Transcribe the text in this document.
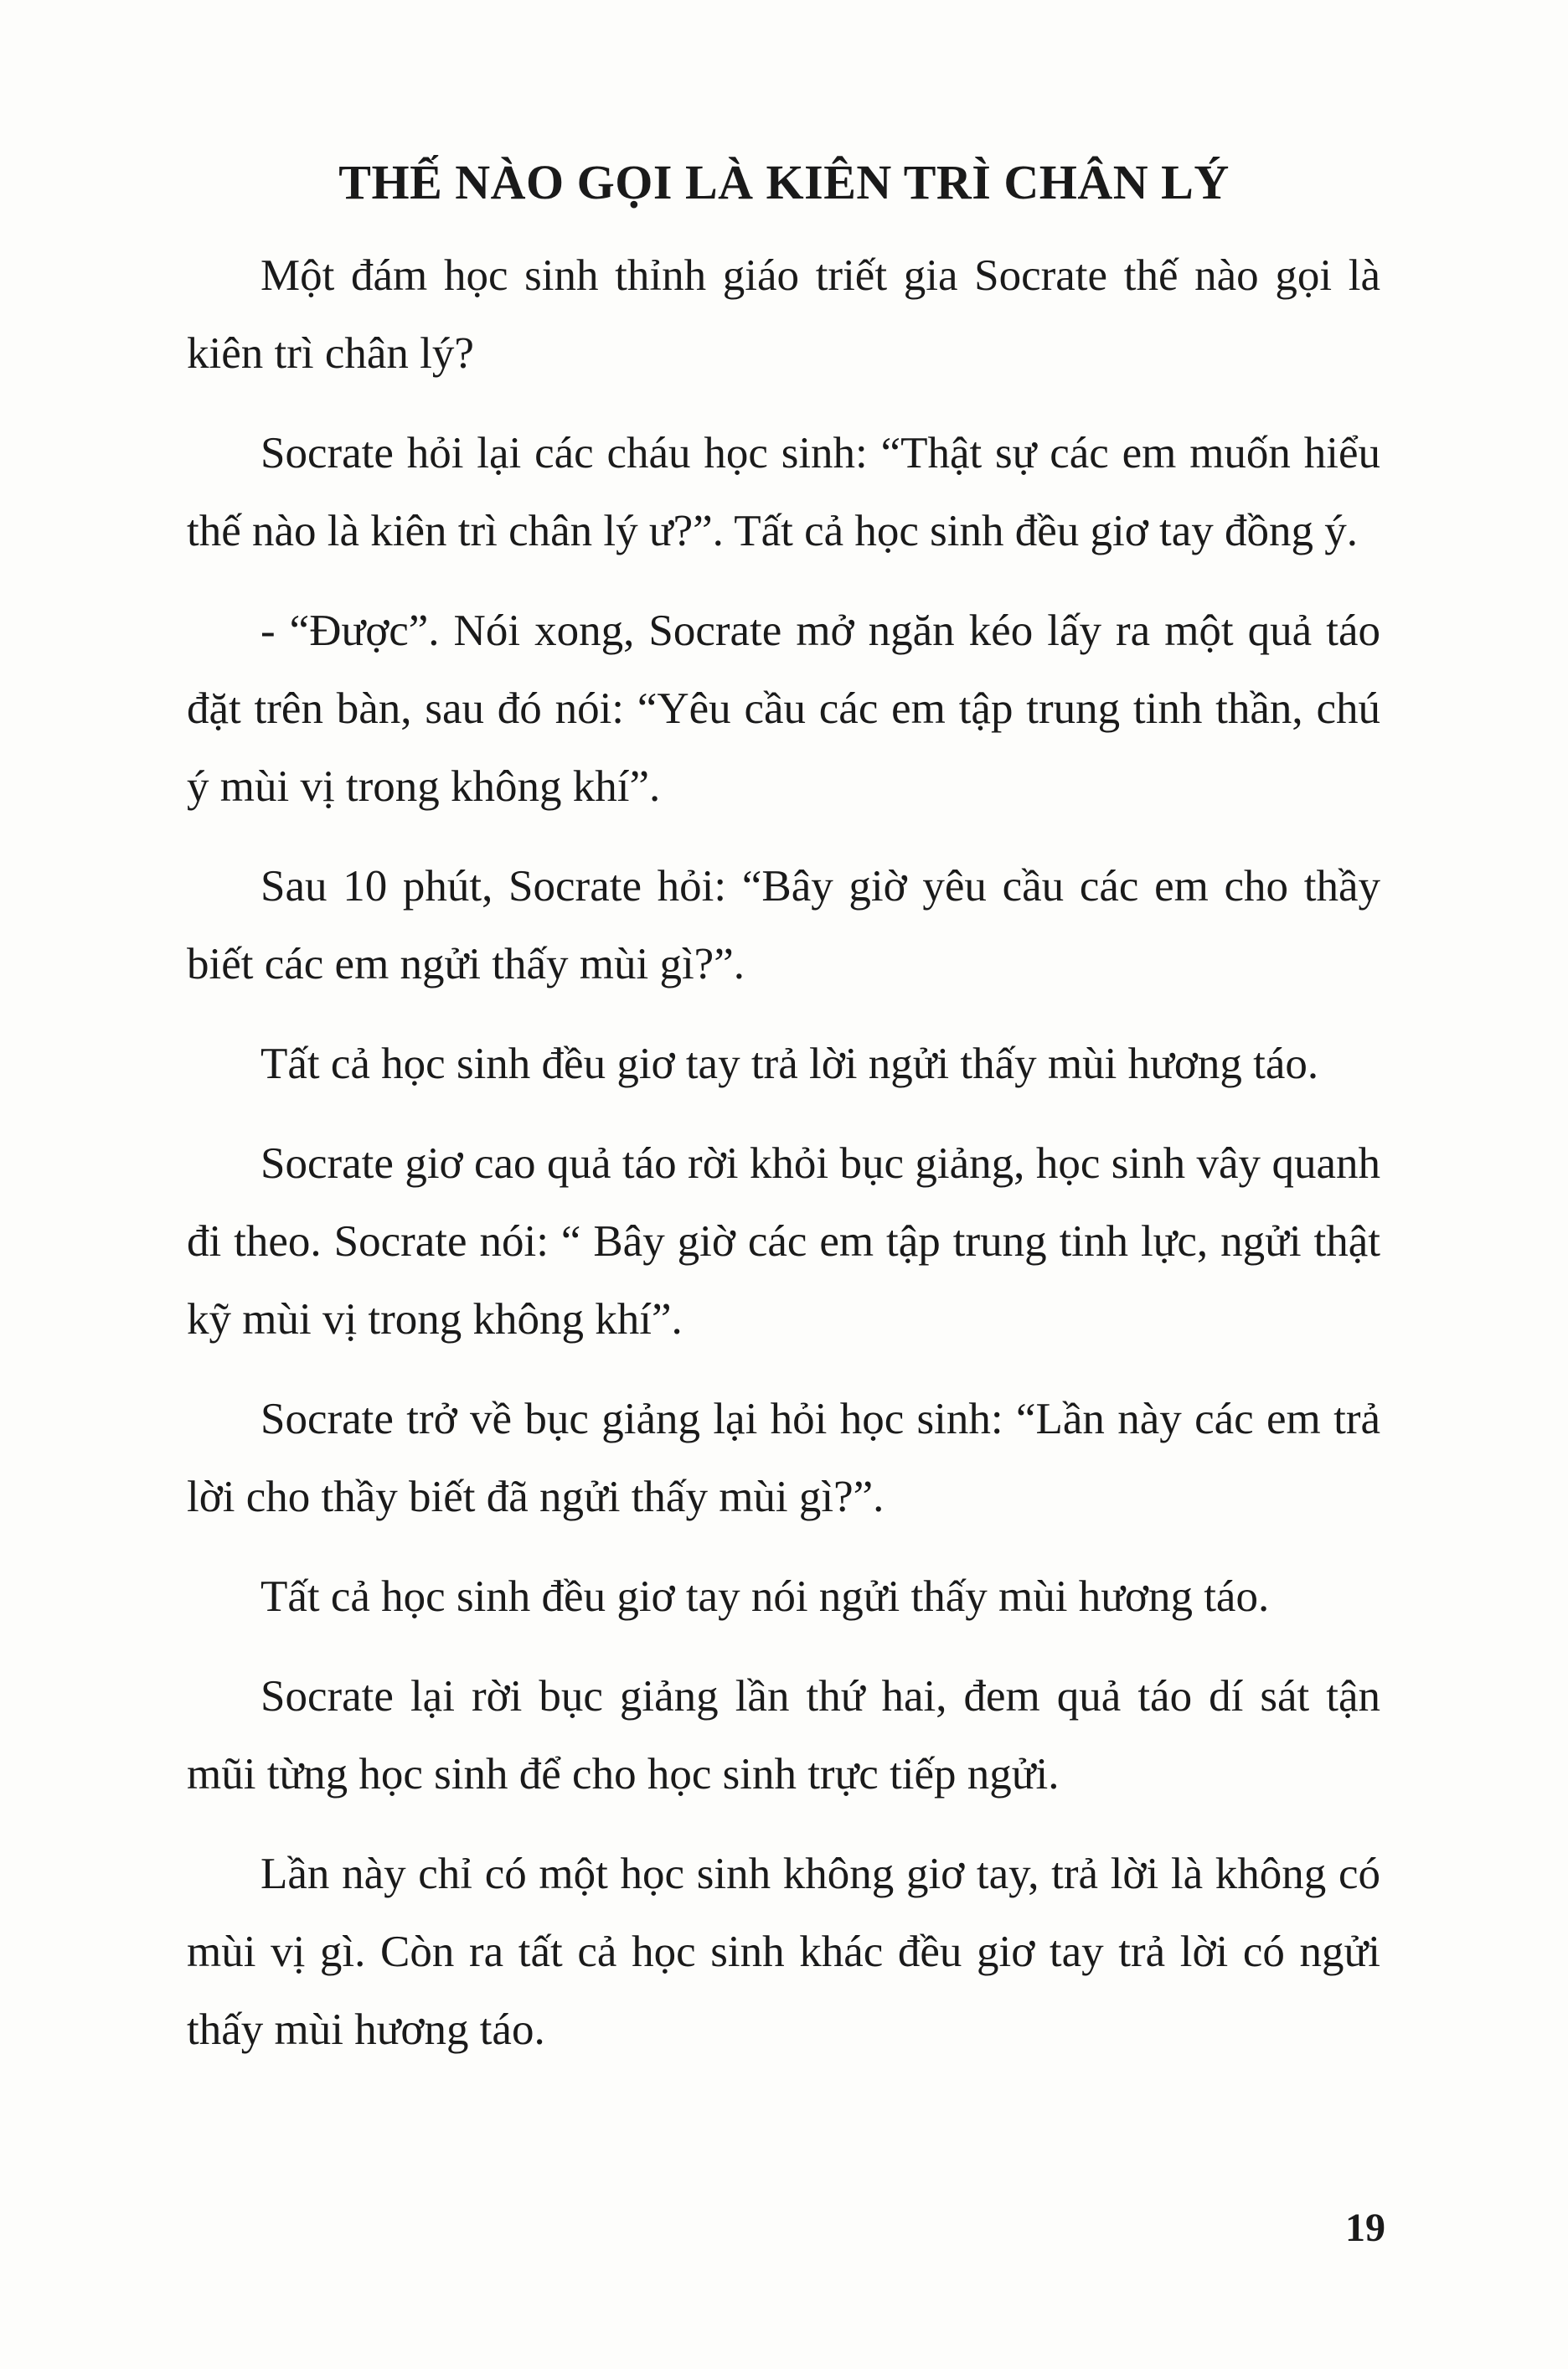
THẾ NÀO GỌI LÀ KIÊN TRÌ CHÂN LÝ

Một đám học sinh thỉnh giáo triết gia Socrate thế nào gọi là kiên trì chân lý?

Socrate hỏi lại các cháu học sinh: “Thật sự các em muốn hiểu thế nào là kiên trì chân lý ư?”. Tất cả học sinh đều giơ tay đồng ý.

- “Được”. Nói xong, Socrate mở ngăn kéo lấy ra một quả táo đặt trên bàn, sau đó nói: “Yêu cầu các em tập trung tinh thần, chú ý mùi vị trong không khí”.

Sau 10 phút, Socrate hỏi: “Bây giờ yêu cầu các em cho thầy biết các em ngửi thấy mùi gì?”.

Tất cả học sinh đều giơ tay trả lời ngửi thấy mùi hương táo.

Socrate giơ cao quả táo rời khỏi bục giảng, học sinh vây quanh đi theo. Socrate nói: “ Bây giờ các em tập trung tinh lực, ngửi thật kỹ mùi vị trong không khí”.

Socrate trở về bục giảng lại hỏi học sinh: “Lần này các em trả lời cho thầy biết đã ngửi thấy mùi gì?”.

Tất cả học sinh đều giơ tay nói ngửi thấy mùi hương táo.

Socrate lại rời bục giảng lần thứ hai, đem quả táo dí sát tận mũi từng học sinh để cho học sinh trực tiếp ngửi.

Lần này chỉ có một học sinh không giơ tay, trả lời là không có mùi vị gì. Còn ra tất cả học sinh khác đều giơ tay trả lời có ngửi thấy mùi hương táo.

19
